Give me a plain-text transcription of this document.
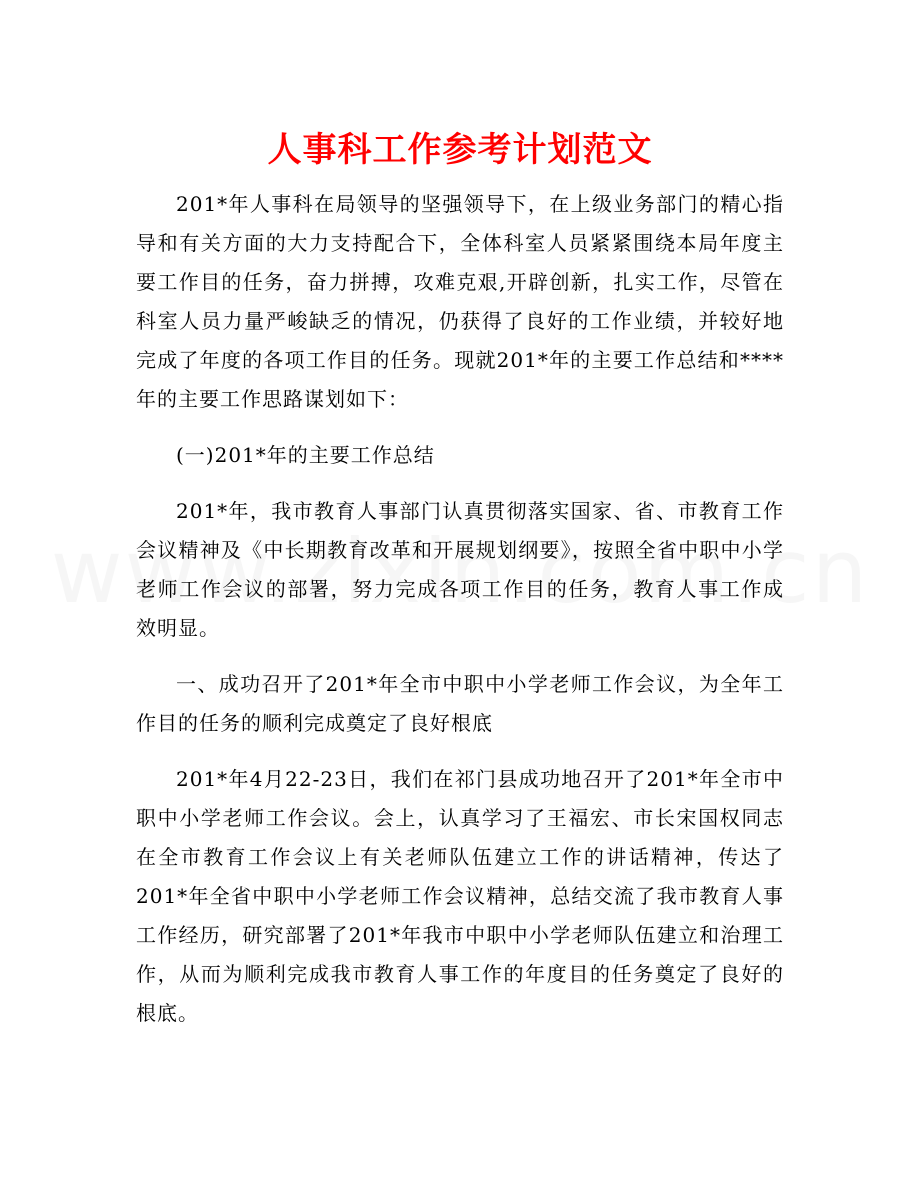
人事科工作参考计划范文

201*年人事科在局领导的坚强领导下，在上级业务部门的精心指导和有关方面的大力支持配合下，全体科室人员紧紧围绕本局年度主要工作目的任务，奋力拼搏，攻难克艰,开辟创新，扎实工作，尽管在科室人员力量严峻缺乏的情况，仍获得了良好的工作业绩，并较好地完成了年度的各项工作目的任务。现就201*年的主要工作总结和****年的主要工作思路谋划如下：

(一)201*年的主要工作总结

201*年，我市教育人事部门认真贯彻落实国家、省、市教育工作会议精神及《中长期教育改革和开展规划纲要》，按照全省中职中小学老师工作会议的部署，努力完成各项工作目的任务，教育人事工作成效明显。

一、成功召开了201*年全市中职中小学老师工作会议，为全年工作目的任务的顺利完成奠定了良好根底

201*年4月22-23日，我们在祁门县成功地召开了201*年全市中职中小学老师工作会议。会上，认真学习了王福宏、市长宋国权同志在全市教育工作会议上有关老师队伍建立工作的讲话精神，传达了201*年全省中职中小学老师工作会议精神，总结交流了我市教育人事工作经历，研究部署了201*年我市中职中小学老师队伍建立和治理工作，从而为顺利完成我市教育人事工作的年度目的任务奠定了良好的根底。
